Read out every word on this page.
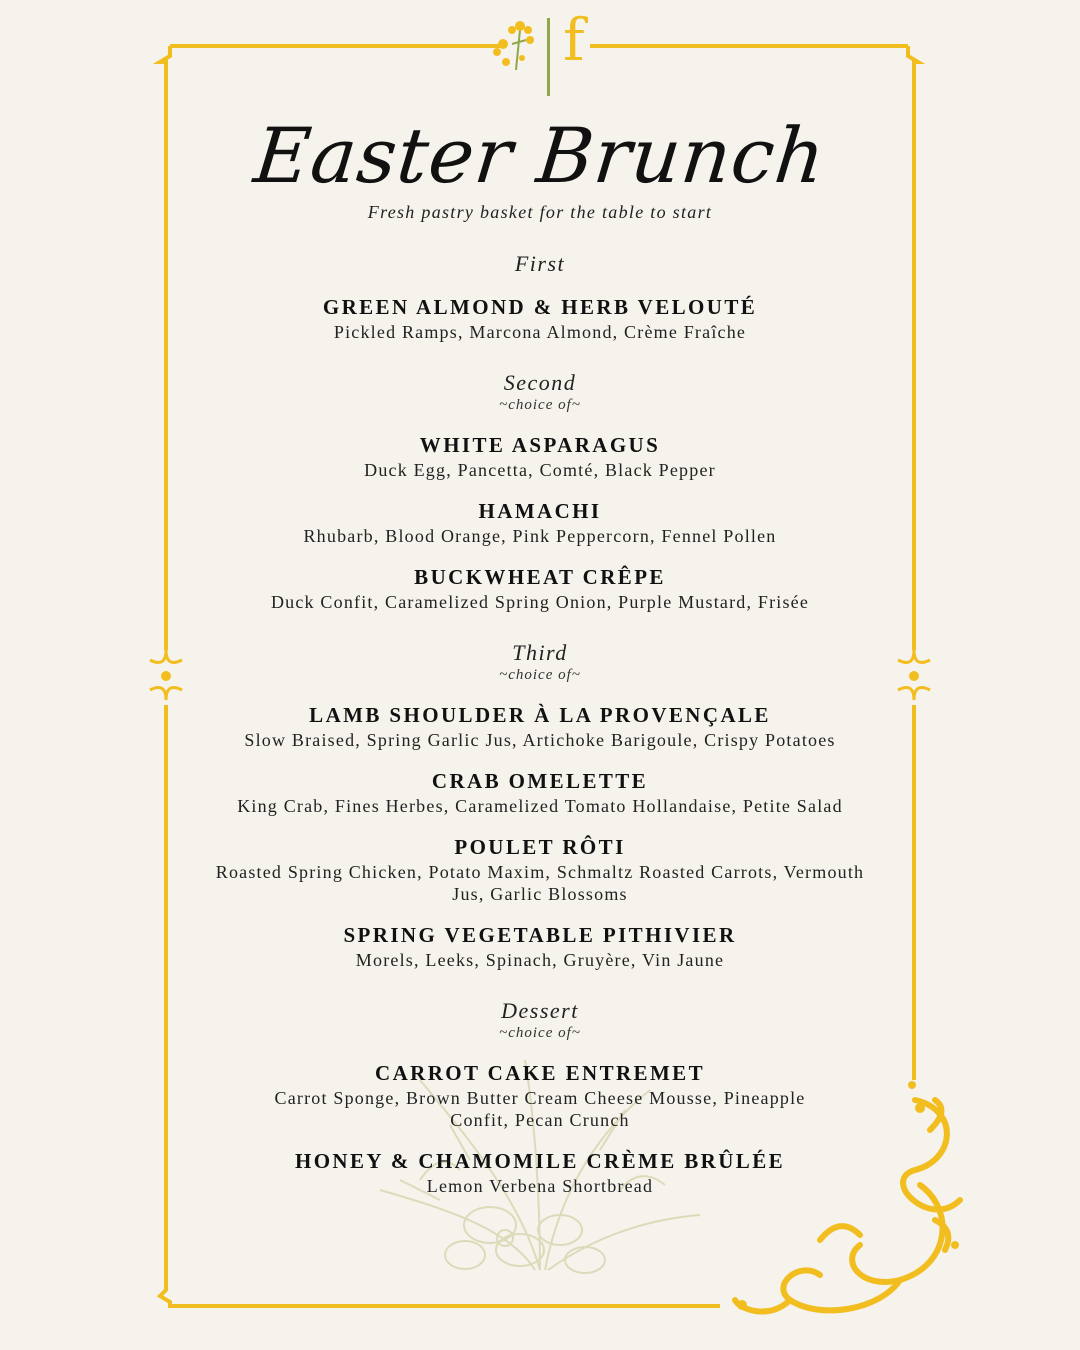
f
Easter Brunch
Fresh pastry basket for the table to start
First
GREEN ALMOND & HERB VELOUTÉ
Pickled Ramps, Marcona Almond, Crème Fraîche
Second
~choice of~
WHITE ASPARAGUS
Duck Egg, Pancetta, Comté, Black Pepper
HAMACHI
Rhubarb, Blood Orange, Pink Peppercorn, Fennel Pollen
BUCKWHEAT CRÊPE
Duck Confit, Caramelized Spring Onion, Purple Mustard, Frisée
Third
~choice of~
LAMB SHOULDER À LA PROVENÇALE
Slow Braised, Spring Garlic Jus, Artichoke Barigoule, Crispy Potatoes
CRAB OMELETTE
King Crab, Fines Herbes, Caramelized Tomato Hollandaise, Petite Salad
POULET RÔTI
Roasted Spring Chicken, Potato Maxim, Schmaltz Roasted Carrots, Vermouth Jus, Garlic Blossoms
SPRING VEGETABLE PITHIVIER
Morels, Leeks, Spinach, Gruyère, Vin Jaune
Dessert
~choice of~
CARROT CAKE ENTREMET
Carrot Sponge, Brown Butter Cream Cheese Mousse, Pineapple Confit, Pecan Crunch
HONEY & CHAMOMILE CRÈME BRÛLÉE
Lemon Verbena Shortbread
